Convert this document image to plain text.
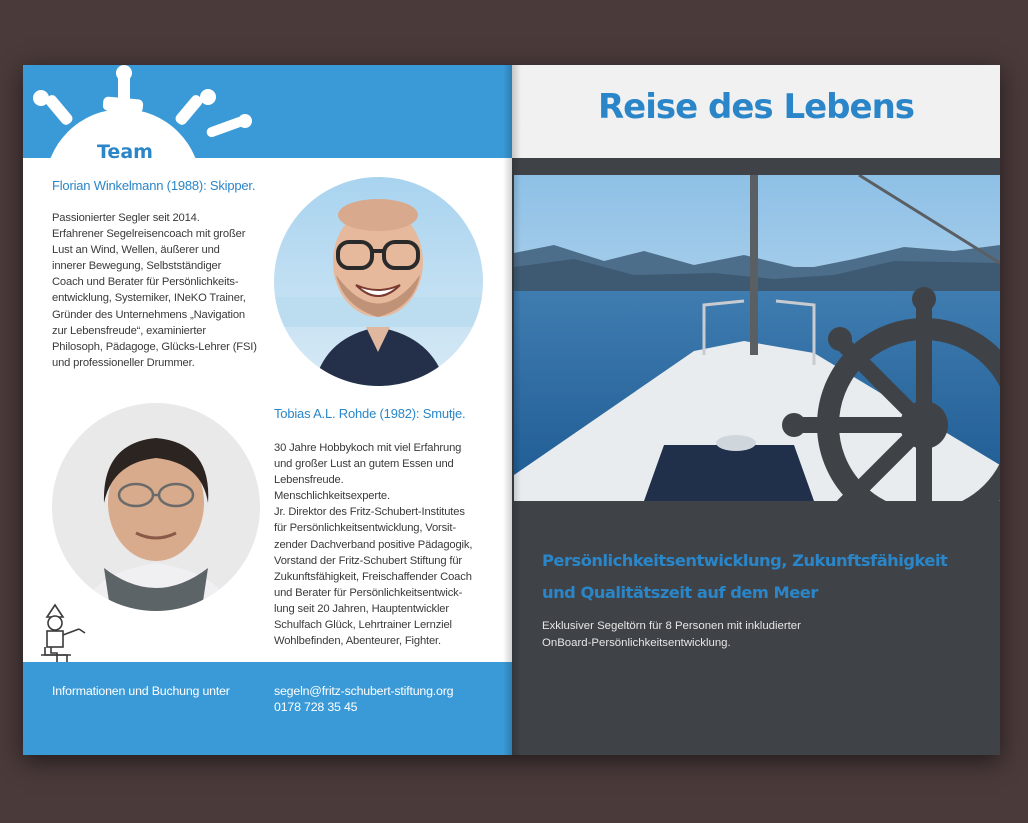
Team
Florian Winkelmann (1988): Skipper.
Passionierter Segler seit 2014.
Erfahrener Segelreisencoach mit großer
Lust an Wind, Wellen, äußerer und
innerer Bewegung, Selbstständiger
Coach und Berater für Persönlichkeits-
entwicklung, Systemiker, INeKO Trainer,
Gründer des Unternehmens „Navigation
zur Lebensfreude“, examinierter
Philosoph, Pädagoge, Glücks-Lehrer (FSI)
und professioneller Drummer.
Tobias A.L. Rohde (1982): Smutje.
30 Jahre Hobbykoch mit viel Erfahrung
und großer Lust an gutem Essen und
Lebensfreude.
Menschlichkeitsexperte.
Jr. Direktor des Fritz-Schubert-Institutes
für Persönlichkeitsentwicklung, Vorsit-
zender Dachverband positive Pädagogik,
Vorstand der Fritz-Schubert Stiftung für
Zukunftsfähigkeit, Freischaffender Coach
und Berater für Persönlichkeitsentwick-
lung seit 20 Jahren, Hauptentwickler
Schulfach Glück, Lehrtrainer Lernziel
Wohlbefinden, Abenteurer, Fighter.
Informationen und Buchung unter	segeln@fritz-schubert-stiftung.org
0178 728 35 45
Reise des Lebens
Persönlichkeitsentwicklung, Zukunftsfähigkeit
und Qualitätszeit auf dem Meer
Exklusiver Segeltörn für 8 Personen mit inkludierter
OnBoard-Persönlichkeitsentwicklung.
